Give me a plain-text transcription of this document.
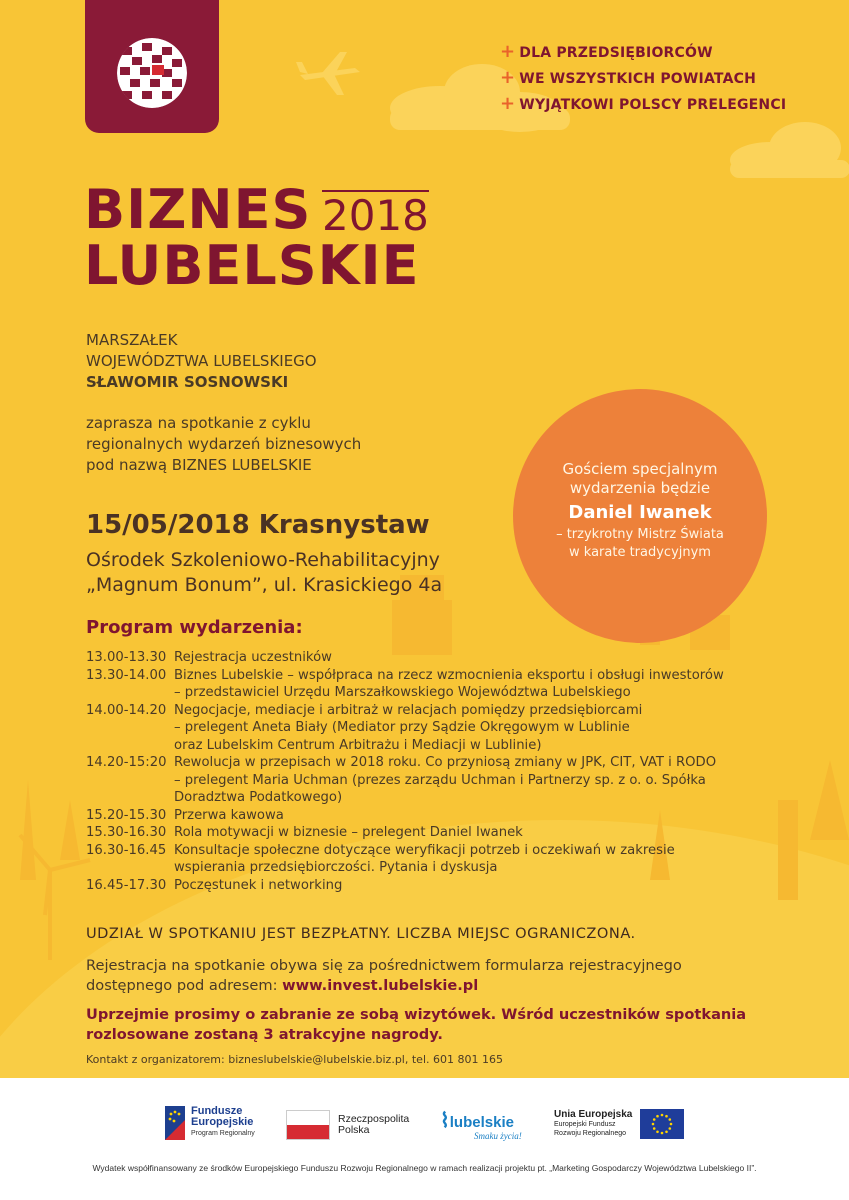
+ DLA PRZEDSIĘBIORCÓW
+ WE WSZYSTKICH POWIATACH
+ WYJĄTKOWI POLSCY PRELEGENCI
BIZNES 2018
LUBELSKIE
MARSZAŁEK
WOJEWÓDZTWA LUBELSKIEGO
SŁAWOMIR SOSNOWSKI
zaprasza na spotkanie z cyklu
regionalnych wydarzeń biznesowych
pod nazwą BIZNES LUBELSKIE
15/05/2018 Krasnystaw
Ośrodek Szkoleniowo-Rehabilitacyjny
„Magnum Bonum”, ul. Krasickiego 4a
Gościem specjalnym
wydarzenia będzie
Daniel Iwanek
– trzykrotny Mistrz Świata
w karate tradycyjnym
Program wydarzenia:
13.00-13.30 Rejestracja uczestników
13.30-14.00 Biznes Lubelskie – współpraca na rzecz wzmocnienia eksportu i obsługi inwestorów
– przedstawiciel Urzędu Marszałkowskiego Województwa Lubelskiego
14.00-14.20 Negocjacje, mediacje i arbitraż w relacjach pomiędzy przedsiębiorcami
– prelegent Aneta Biały (Mediator przy Sądzie Okręgowym w Lublinie
oraz Lubelskim Centrum Arbitrażu i Mediacji w Lublinie)
14.20-15:20 Rewolucja w przepisach w 2018 roku. Co przyniosą zmiany w JPK, CIT, VAT i RODO
– prelegent Maria Uchman (prezes zarządu Uchman i Partnerzy sp. z o. o. Spółka
Doradztwa Podatkowego)
15.20-15.30 Przerwa kawowa
15.30-16.30 Rola motywacji w biznesie – prelegent Daniel Iwanek
16.30-16.45 Konsultacje społeczne dotyczące weryfikacji potrzeb i oczekiwań w zakresie
wspierania przedsiębiorczości. Pytania i dyskusja
16.45-17.30 Poczęstunek i networking
UDZIAŁ W SPOTKANIU JEST BEZPŁATNY. LICZBA MIEJSC OGRANICZONA.
Rejestracja na spotkanie obywa się za pośrednictwem formularza rejestracyjnego
dostępnego pod adresem: www.invest.lubelskie.pl
Uprzejmie prosimy o zabranie ze sobą wizytówek. Wśród uczestników spotkania
rozlosowane zostaną 3 atrakcyjne nagrody.
Kontakt z organizatorem: bizneslubelskie@lubelskie.biz.pl, tel. 601 801 165
Fundusze
Europejskie
Program Regionalny
Rzeczpospolita
Polska	⌇lubelskie
Smaku życia!
Unia Europejska
Europejski Fundusz
Rozwoju Regionalnego
Wydatek współfinansowany ze środków Europejskiego Funduszu Rozwoju Regionalnego w ramach realizacji projektu pt. „Marketing Gospodarczy Województwa Lubelskiego II”.
